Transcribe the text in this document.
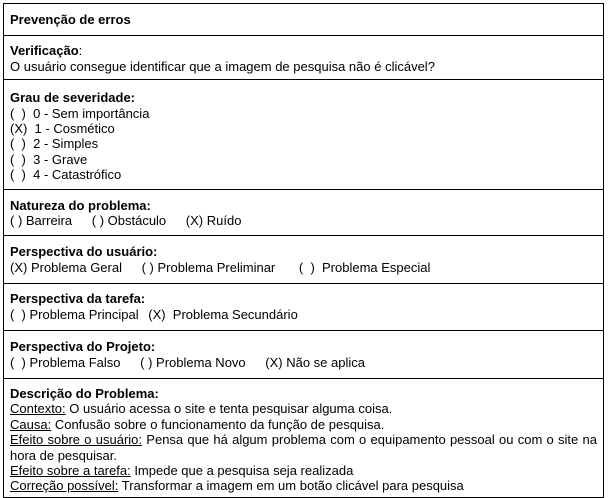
Prevenção de erros
Verificação:
O usuário consegue identificar que a imagem de pesquisa não é clicável?
Grau de severidade:
(  )  0 - Sem importância
(X)  1 - Cosmético
(  )  2 - Simples
(  )  3 - Grave
(  )  4 - Catastrófico
Natureza do problema:
( ) Barreira ( ) Obstáculo (X) Ruído
Perspectiva do usuário:
(X) Problema Geral ( ) Problema Preliminar (  )  Problema Especial
Perspectiva da tarefa:
(  ) Problema Principal (X)  Problema Secundário
Perspectiva do Projeto:
(  ) Problema Falso ( ) Problema Novo (X) Não se aplica
Descrição do Problema:
Contexto: O usuário acessa o site e tenta pesquisar alguma coisa.
Causa: Confusão sobre o funcionamento da função de pesquisa.
Efeito sobre o usuário: Pensa que há algum problema com o equipamento pessoal ou com o site na hora de pesquisar.
Efeito sobre a tarefa: Impede que a pesquisa seja realizada
Correção possível: Transformar a imagem em um botão clicável para pesquisa
